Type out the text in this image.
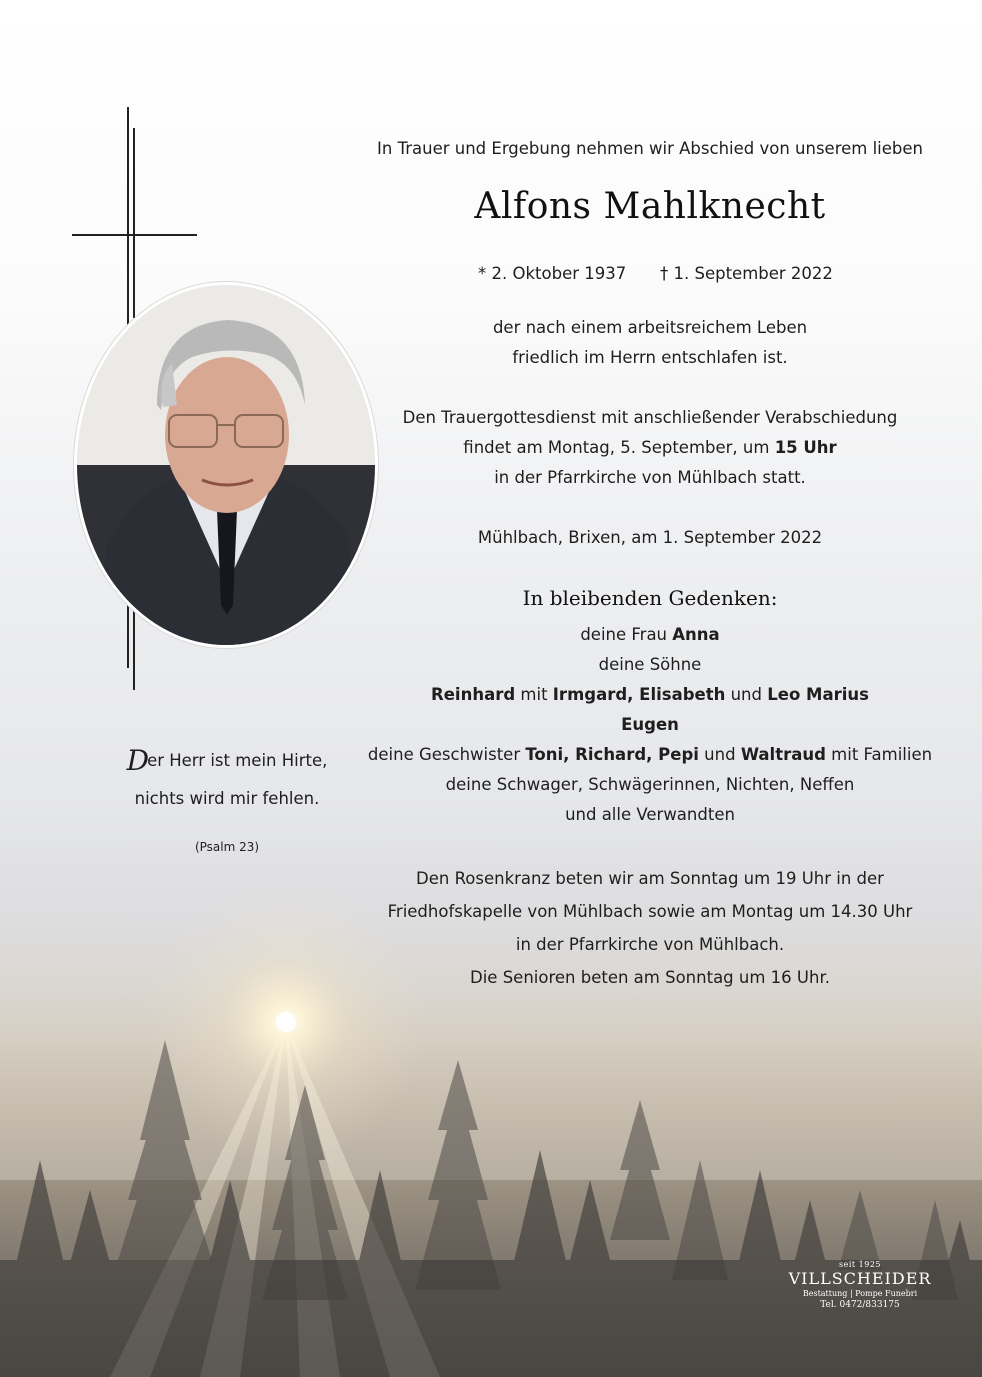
In Trauer und Ergebung nehmen wir Abschied von unserem lieben
Alfons Mahlknecht
* 2. Oktober 1937 † 1. September 2022
der nach einem arbeitsreichem Leben
friedlich im Herrn entschlafen ist.
Den Trauergottesdienst mit anschließender Verabschiedung
findet am Montag, 5. September, um 15 Uhr
in der Pfarrkirche von Mühlbach statt.
Mühlbach, Brixen, am 1. September 2022
In bleibenden Gedenken:
deine Frau Anna
deine Söhne
Reinhard mit Irmgard, Elisabeth und Leo Marius
Eugen
deine Geschwister Toni, Richard, Pepi und Waltraud mit Familien
deine Schwager, Schwägerinnen, Nichten, Neffen
und alle Verwandten
Den Rosenkranz beten wir am Sonntag um 19 Uhr in der
Friedhofskapelle von Mühlbach sowie am Montag um 14.30 Uhr
in der Pfarrkirche von Mühlbach.
Die Senioren beten am Sonntag um 16 Uhr.
Der Herr ist mein Hirte,
nichts wird mir fehlen.
(Psalm 23)
seit 1925
VILLSCHEIDER
Bestattung | Pompe Funebri
Tel. 0472/833175
